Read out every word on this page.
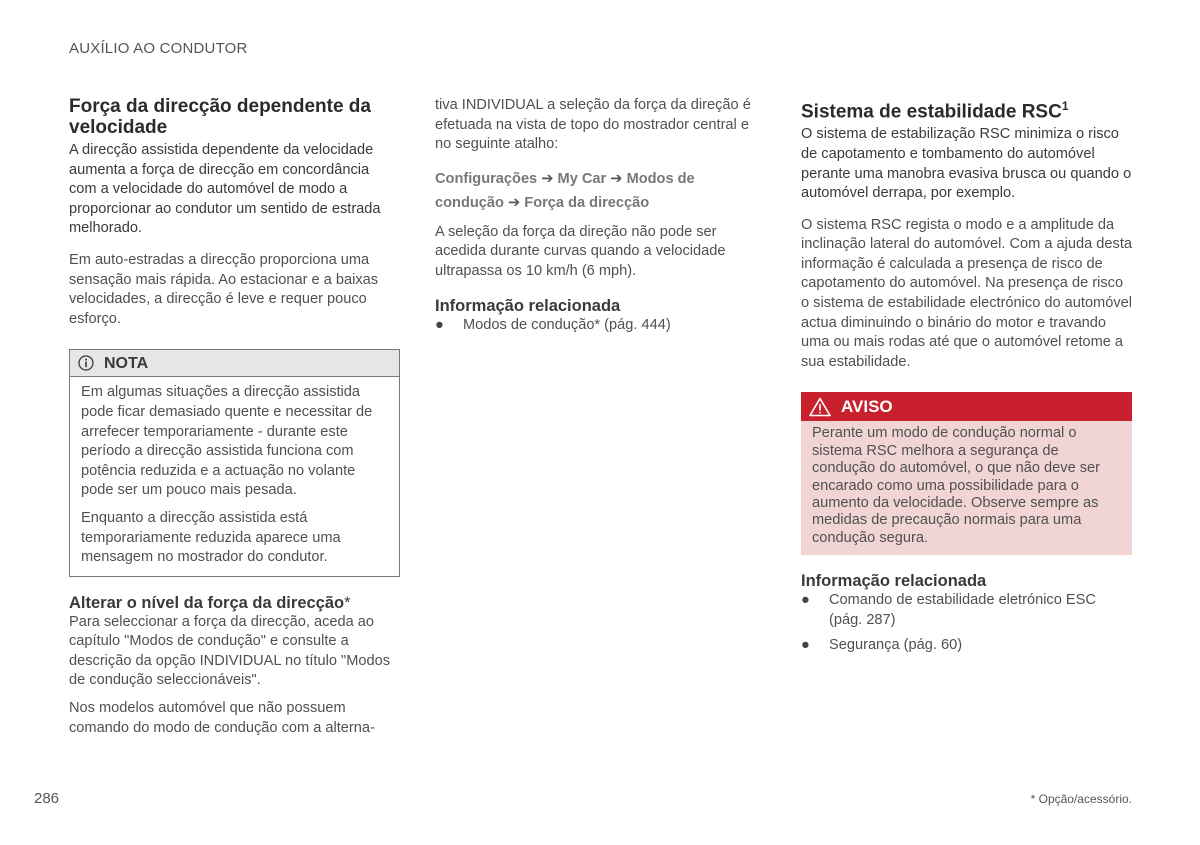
AUXÍLIO AO CONDUTOR
Força da direcção dependente da velocidade

A direcção assistida dependente da velocidade aumenta a força de direcção em concordância com a velocidade do automóvel de modo a proporcionar ao condutor um sentido de estrada melhorado.

Em auto-estradas a direcção proporciona uma sensação mais rápida. Ao estacionar e a baixas velocidades, a direcção é leve e requer pouco esforço.

NOTA

Em algumas situações a direcção assistida pode ficar demasiado quente e necessitar de arrefecer temporariamente - durante este período a direcção assistida funciona com potência reduzida e a actuação no volante pode ser um pouco mais pesada.

Enquanto a direcção assistida está temporariamente reduzida aparece uma mensagem no mostrador do condutor.

Alterar o nível da força da direcção*

Para seleccionar a força da direcção, aceda ao capítulo "Modos de condução" e consulte a descrição da opção INDIVIDUAL no título "Modos de condução seleccionáveis".

Nos modelos automóvel que não possuem comando do modo de condução com a alterna-

tiva INDIVIDUAL a seleção da força da direção é efetuada na vista de topo do mostrador central e no seguinte atalho:

Configurações ➔ My Car ➔ Modos de condução ➔ Força da direcção

A seleção da força da direção não pode ser acedida durante curvas quando a velocidade ultrapassa os 10 km/h (6 mph).

Informação relacionada
●	Modos de condução* (pág. 444)
Sistema de estabilidade RSC$^1$

O sistema de estabilização RSC minimiza o risco de capotamento e tombamento do automóvel perante uma manobra evasiva brusca ou quando o automóvel derrapa, por exemplo.

O sistema RSC regista o modo e a amplitude da inclinação lateral do automóvel. Com a ajuda desta informação é calculada a presença de risco de capotamento do automóvel. Na presença de risco o sistema de estabilidade electrónico do automóvel actua diminuindo o binário do motor e travando uma ou mais rodas até que o automóvel retome a sua estabilidade.

AVISO

Perante um modo de condução normal o sistema RSC melhora a segurança de condução do automóvel, o que não deve ser encarado como uma possibilidade para o aumento da velocidade. Observe sempre as medidas de precaução normais para uma condução segura.

Informação relacionada
●	Comando de estabilidade eletrónico ESC (pág. 287)
●	Segurança (pág. 60)
286	* Opção/acessório.
